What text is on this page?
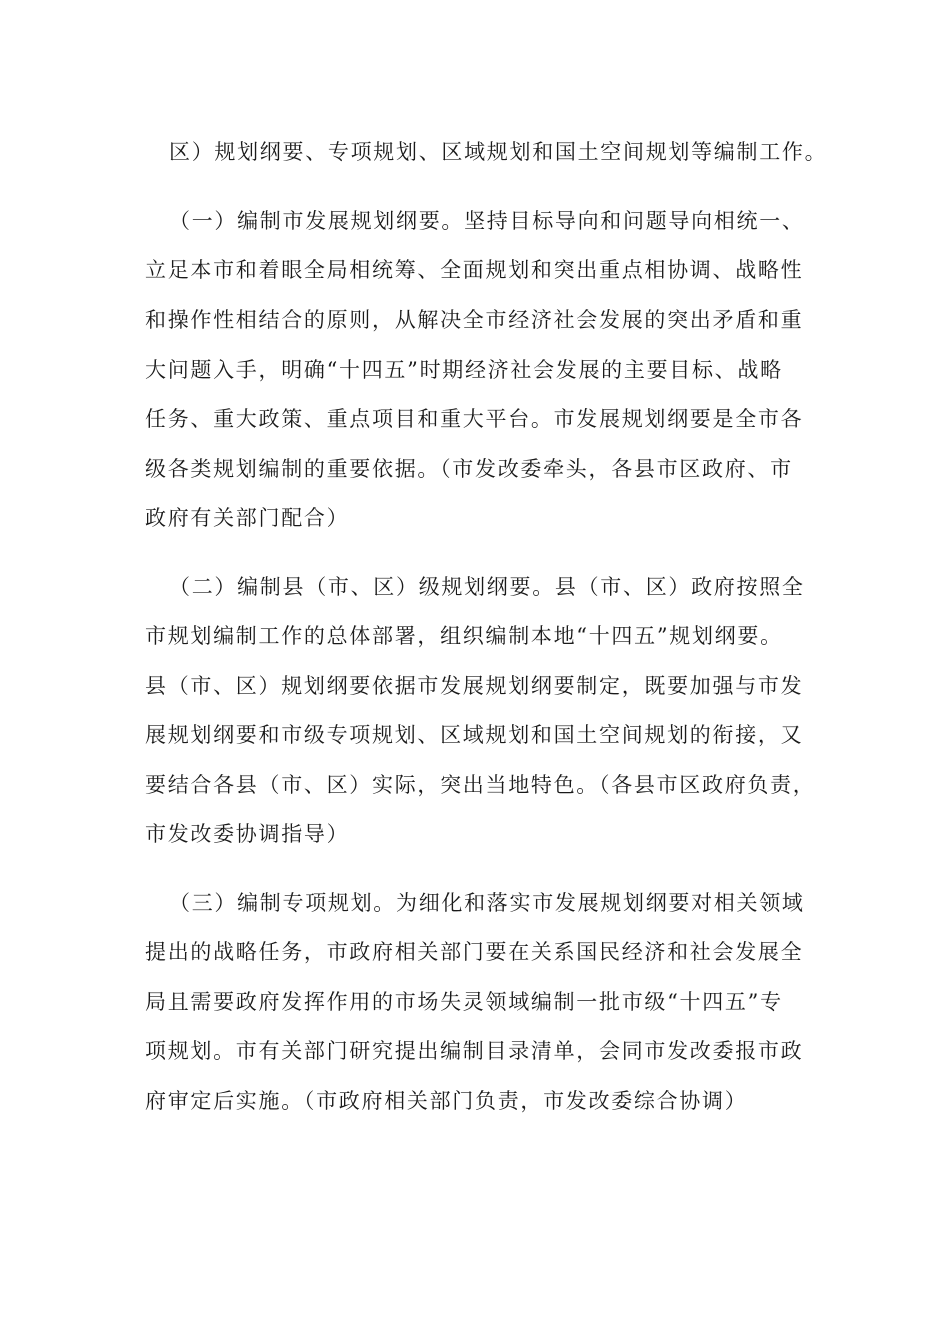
区）规划纲要、专项规划、区域规划和国土空间规划等编制工作。
（一）编制市发展规划纲要。坚持目标导向和问题导向相统一、
立足本市和着眼全局相统筹、全面规划和突出重点相协调、战略性
和操作性相结合的原则，从解决全市经济社会发展的突出矛盾和重
大问题入手，明确“十四五”时期经济社会发展的主要目标、战略
任务、重大政策、重点项目和重大平台。市发展规划纲要是全市各
级各类规划编制的重要依据。（市发改委牵头，各县市区政府、市
政府有关部门配合）
（二）编制县（市、区）级规划纲要。县（市、区）政府按照全
市规划编制工作的总体部署，组织编制本地“十四五”规划纲要。
县（市、区）规划纲要依据市发展规划纲要制定，既要加强与市发
展规划纲要和市级专项规划、区域规划和国土空间规划的衔接，又
要结合各县（市、区）实际，突出当地特色。（各县市区政府负责，
市发改委协调指导）
（三）编制专项规划。为细化和落实市发展规划纲要对相关领域
提出的战略任务，市政府相关部门要在关系国民经济和社会发展全
局且需要政府发挥作用的市场失灵领域编制一批市级“十四五”专
项规划。市有关部门研究提出编制目录清单，会同市发改委报市政
府审定后实施。（市政府相关部门负责，市发改委综合协调）
